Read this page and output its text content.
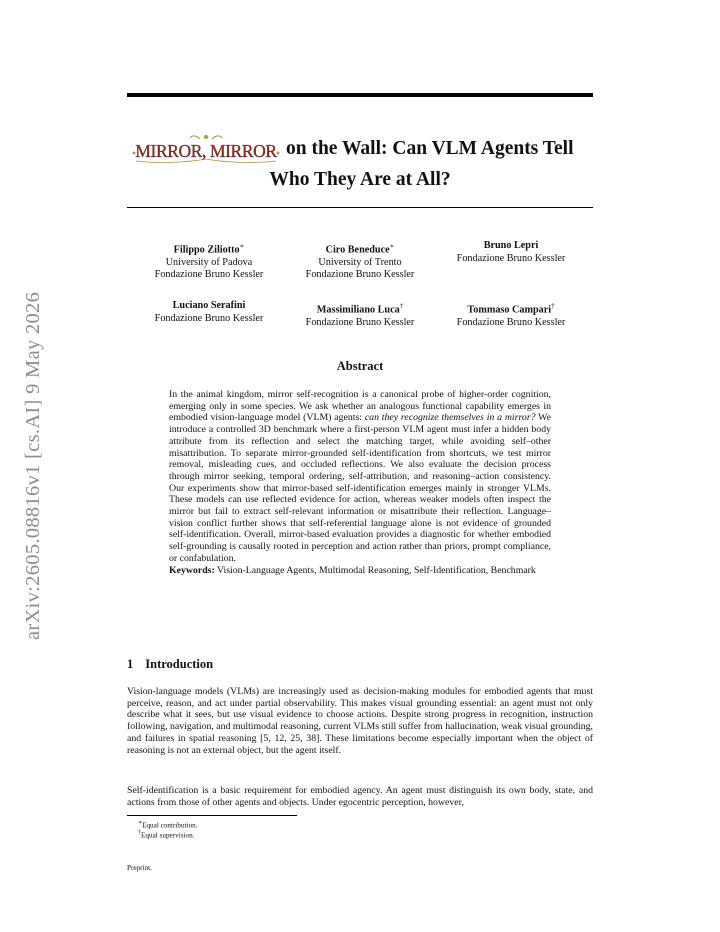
arXiv:2605.08816v1 [cs.AI] 9 May 2026
MIRROR, MIRROR on the Wall: Can VLM Agents Tell
Who They Are at All?
Filippo Ziliotto∗
University of Padova
Fondazione Bruno Kessler
Ciro Beneduce∗
University of Trento
Fondazione Bruno Kessler
Bruno Lepri
Fondazione Bruno Kessler
Luciano Serafini
Fondazione Bruno Kessler
Massimiliano Luca†
Fondazione Bruno Kessler
Tommaso Campari†
Fondazione Bruno Kessler
Abstract

In the animal kingdom, mirror self-recognition is a canonical probe of higher-order cognition, emerging only in some species. We ask whether an analogous functional capability emerges in embodied vision-language model (VLM) agents: can they recognize themselves in a mirror? We introduce a controlled 3D benchmark where a first-person VLM agent must infer a hidden body attribute from its reflection and select the matching target, while avoiding self–other misattribution. To separate mirror-grounded self-identification from shortcuts, we test mirror removal, misleading cues, and occluded reflections. We also evaluate the decision process through mirror seeking, temporal ordering, self-attribution, and reasoning–action consistency. Our experiments show that mirror-based self-identification emerges mainly in stronger VLMs. These models can use reflected evidence for action, whereas weaker models often inspect the mirror but fail to extract self-relevant information or misattribute their reflection. Language–vision conflict further shows that self-referential language alone is not evidence of grounded self-identification. Overall, mirror-based evaluation provides a diagnostic for whether embodied self-grounding is causally rooted in perception and action rather than priors, prompt compliance, or confabulation.

Keywords: Vision-Language Agents, Multimodal Reasoning, Self-Identification, Benchmark

1 Introduction

Vision-language models (VLMs) are increasingly used as decision-making modules for embodied agents that must perceive, reason, and act under partial observability. This makes visual grounding essential: an agent must not only describe what it sees, but use visual evidence to choose actions. Despite strong progress in recognition, instruction following, navigation, and multimodal reasoning, current VLMs still suffer from hallucination, weak visual grounding, and failures in spatial reasoning [5, 12, 25, 38]. These limitations become especially important when the object of reasoning is not an external object, but the agent itself.

Self-identification is a basic requirement for embodied agency. An agent must distinguish its own body, state, and actions from those of other agents and objects. Under egocentric perception, however,

∗Equal contribution.
†Equal supervision.
Preprint.
